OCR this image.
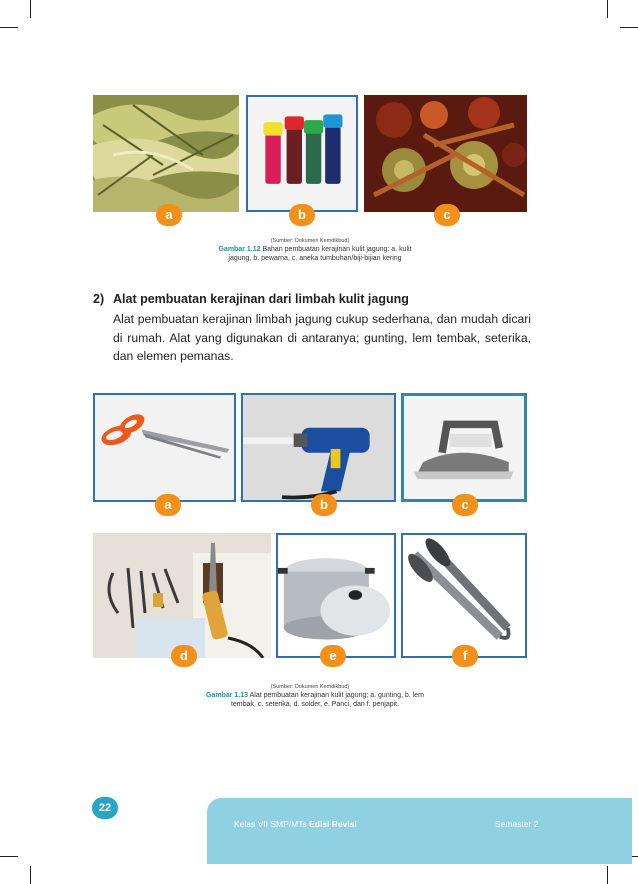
a	b	c
(Sumber: Dokumen Kemdikbud)
Gambar 1.12 Bahan pembuatan kerajinan kulit jagung: a. kulit
jagung, b. pewarna, c. aneka tumbuhan/biji-bijian kering
2) Alat pembuatan kerajinan dari limbah kulit jagung
Alat pembuatan kerajinan limbah jagung cukup sederhana, dan mudah dicari di rumah. Alat yang digunakan di antaranya; gunting, lem tembak, seterika, dan elemen pemanas.
a	b	c
d	e	f
(Sumber: Dokumen Kemdikbud)
Gambar 1.13 Alat pembuatan kerajinan kulit jagung; a. gunting, b. lem
tembak, c. seterika, d. solder, e. Panci, dan f. penjapit.
22
Kelas VII SMP/MTs Edisi Revisi	Semester 2
